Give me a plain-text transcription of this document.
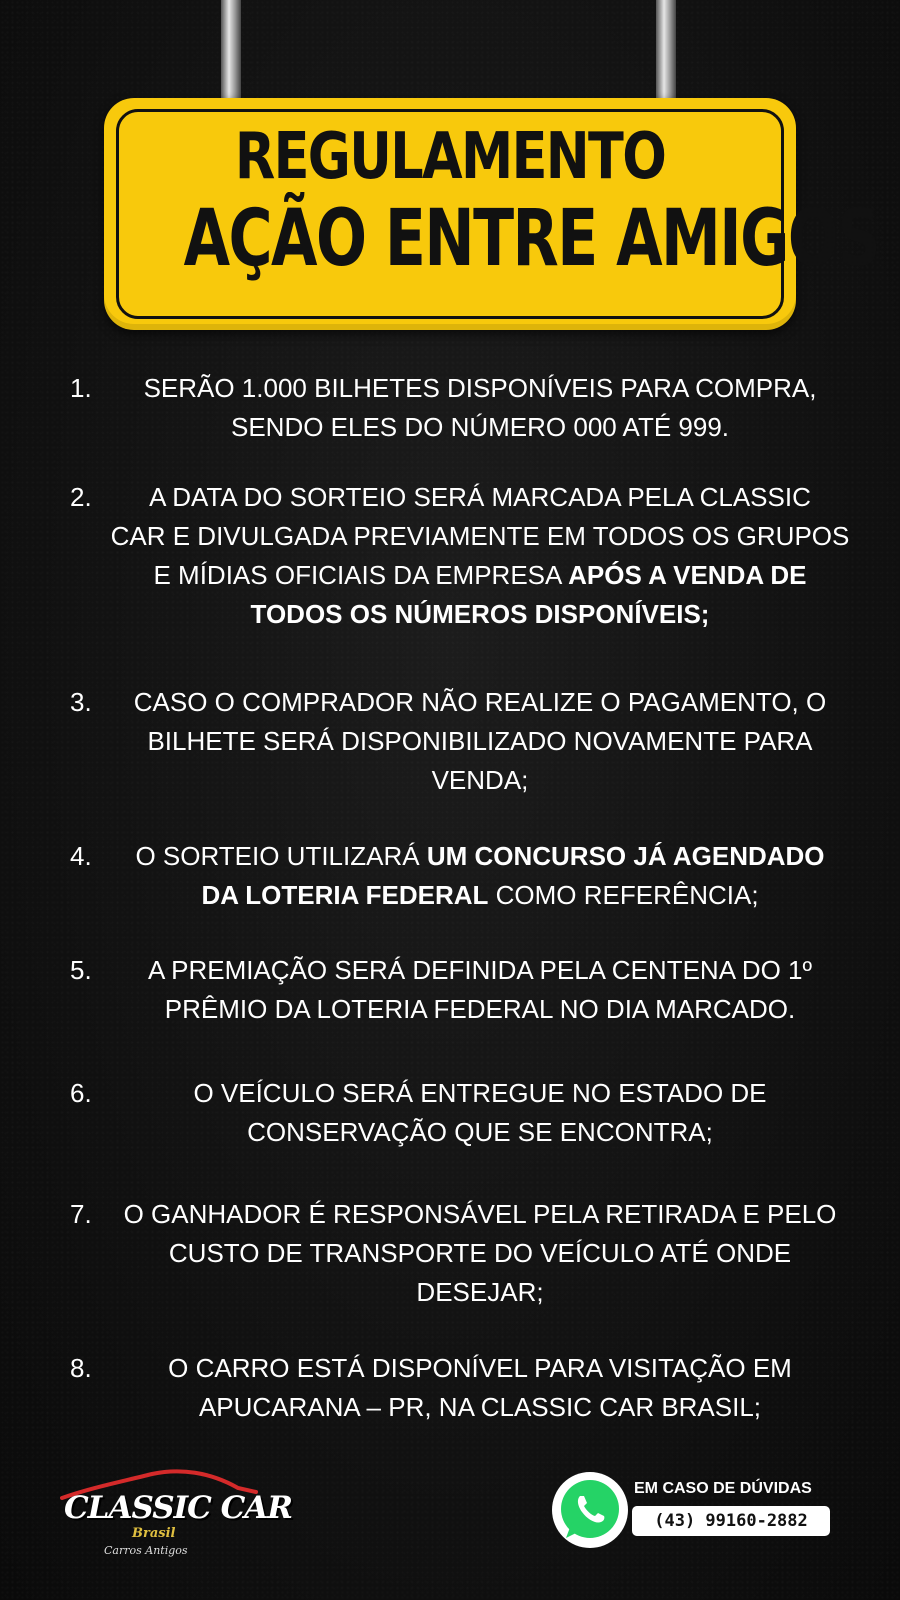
REGULAMENTO
AÇÃO ENTRE AMIGOS
1.	SERÃO 1.000 BILHETES DISPONÍVEIS PARA COMPRA,
SENDO ELES DO NÚMERO 000 ATÉ 999.
2.	A DATA DO SORTEIO SERÁ MARCADA PELA CLASSIC
CAR E DIVULGADA PREVIAMENTE EM TODOS OS GRUPOS
E MÍDIAS OFICIAIS DA EMPRESA APÓS A VENDA DE
TODOS OS NÚMEROS DISPONÍVEIS;
3.	CASO O COMPRADOR NÃO REALIZE O PAGAMENTO, O
BILHETE SERÁ DISPONIBILIZADO NOVAMENTE PARA
VENDA;
4.	O SORTEIO UTILIZARÁ UM CONCURSO JÁ AGENDADO
DA LOTERIA FEDERAL COMO REFERÊNCIA;
5.	A PREMIAÇÃO SERÁ DEFINIDA PELA CENTENA DO 1º
PRÊMIO DA LOTERIA FEDERAL NO DIA MARCADO.
6.	O VEÍCULO SERÁ ENTREGUE NO ESTADO DE
CONSERVAÇÃO QUE SE ENCONTRA;
7.	O GANHADOR É RESPONSÁVEL PELA RETIRADA E PELO
CUSTO DE TRANSPORTE DO VEÍCULO ATÉ ONDE
DESEJAR;
8.	O CARRO ESTÁ DISPONÍVEL PARA VISITAÇÃO EM
APUCARANA – PR, NA CLASSIC CAR BRASIL;
CLASSIC CAR
Brasil
Carros Antigos
EM CASO DE DÚVIDAS
(43) 99160-2882
